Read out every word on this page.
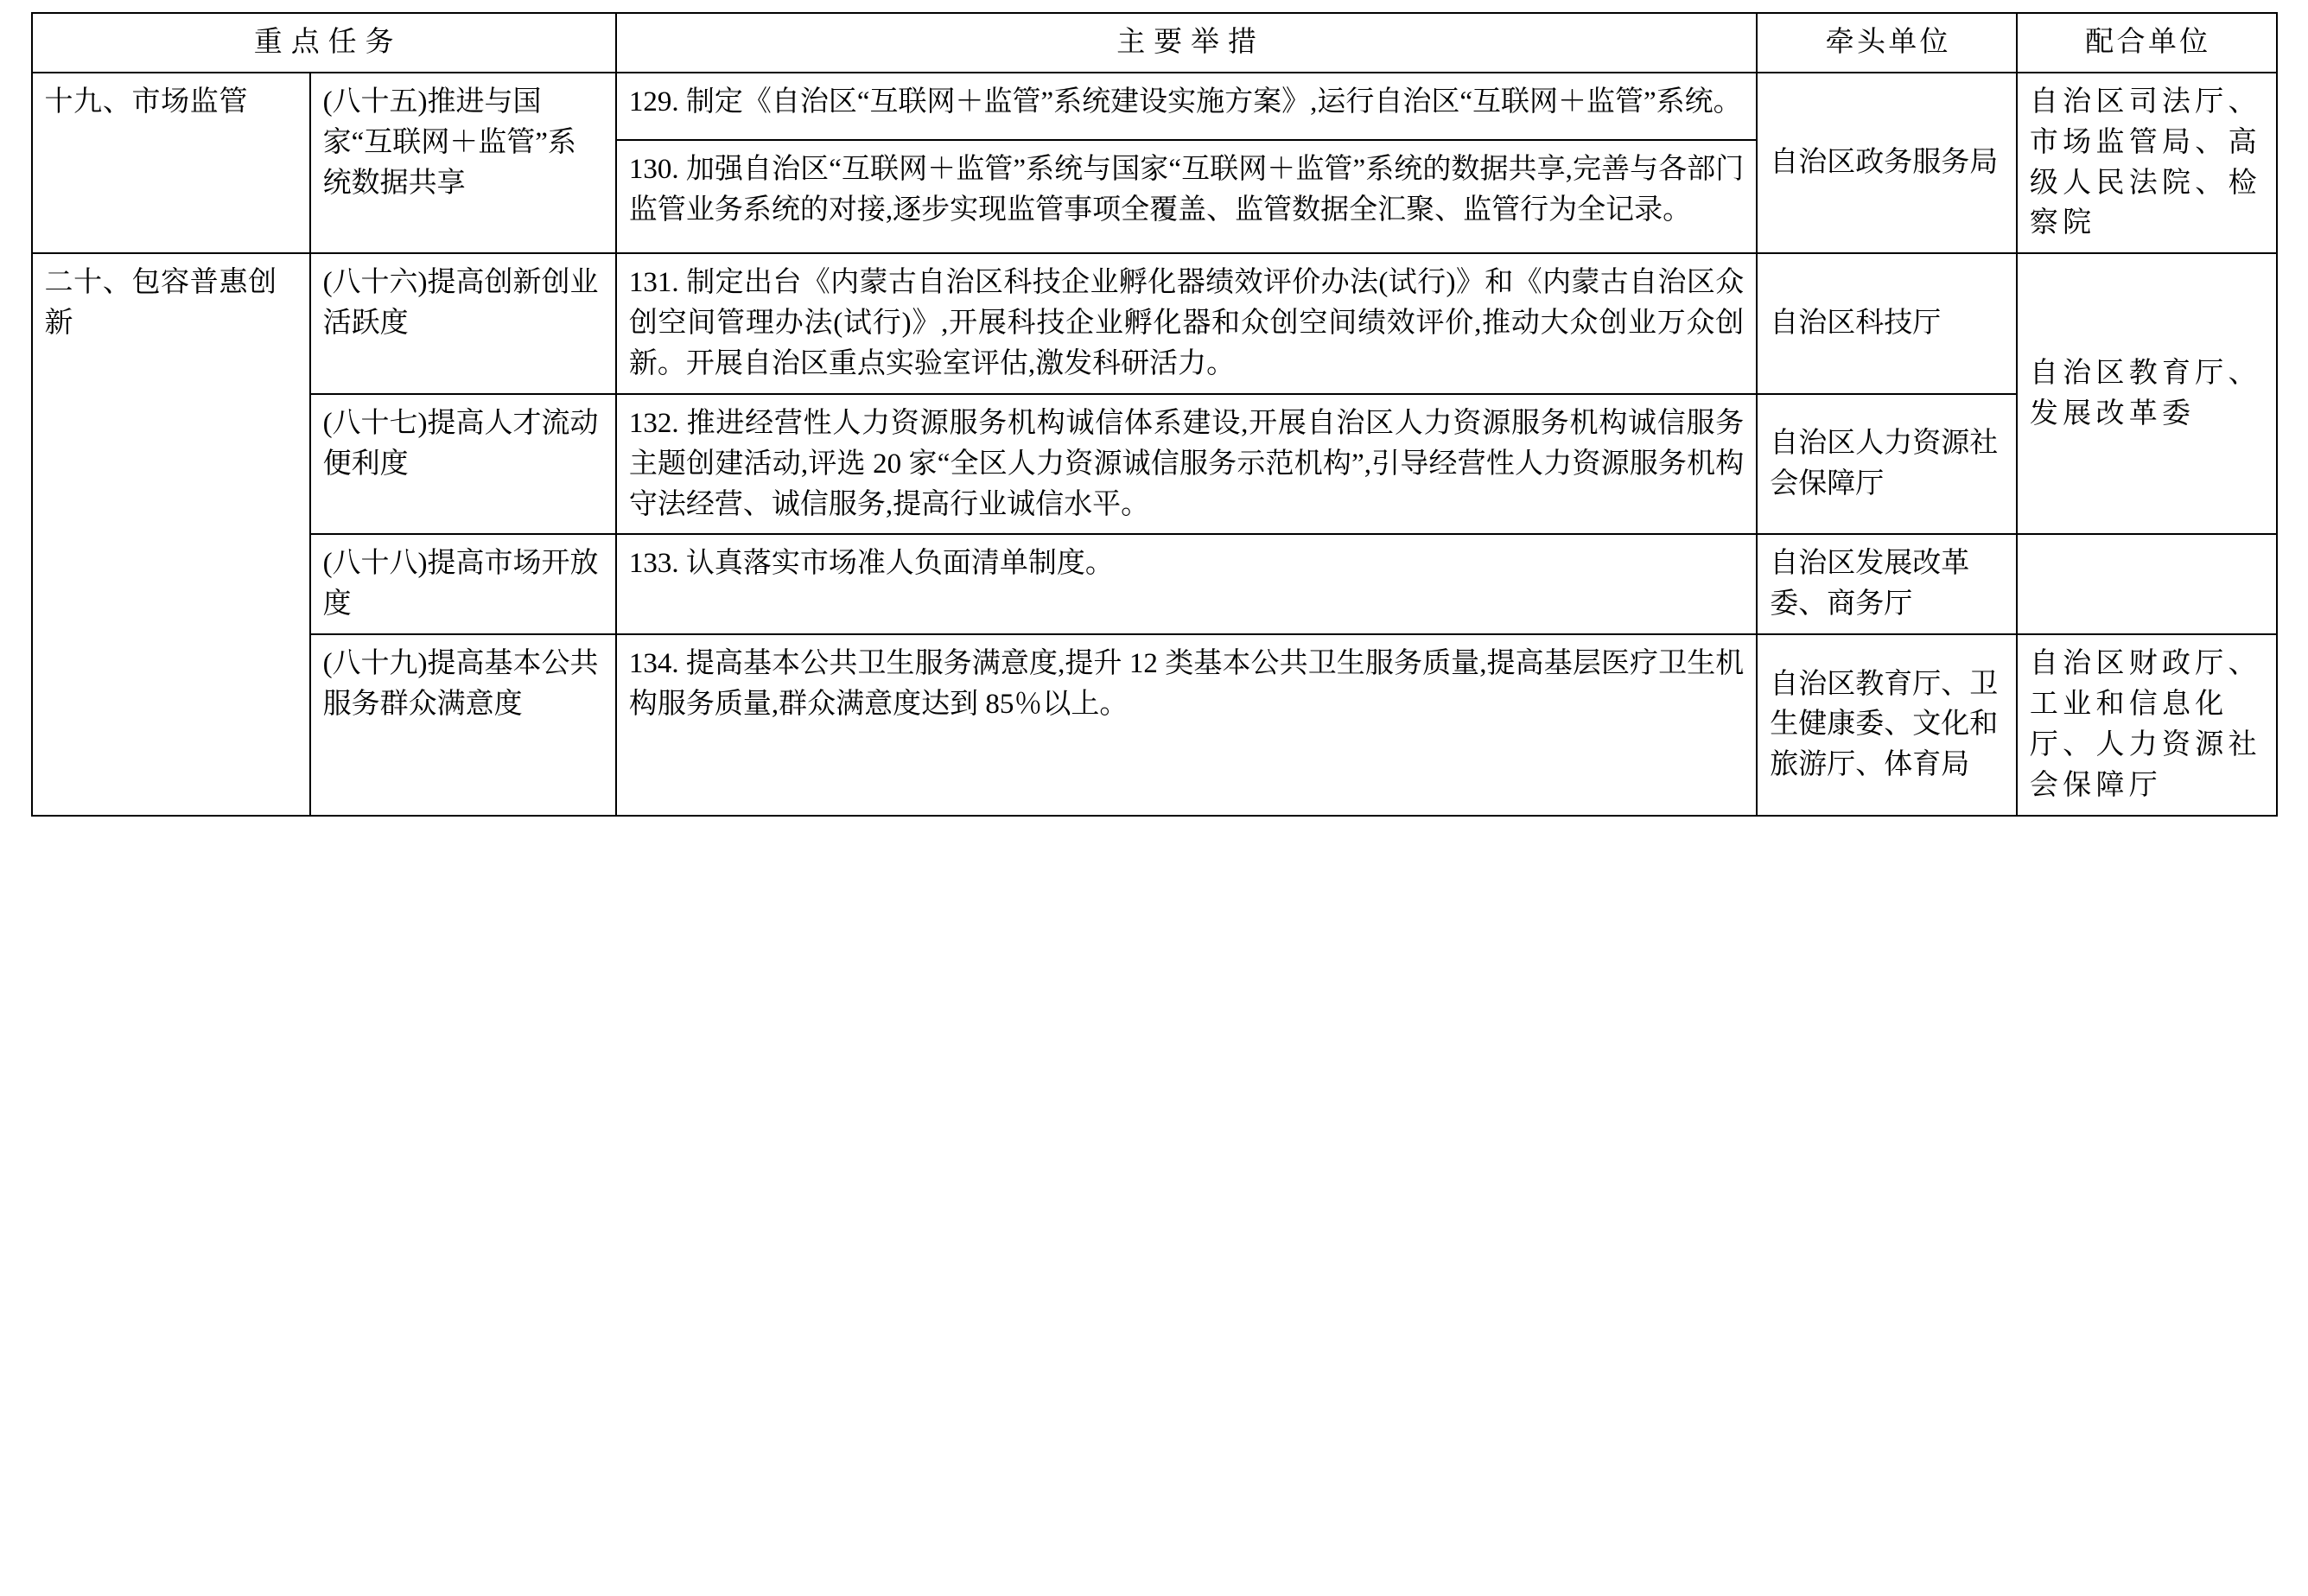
重点任务		主要举措	牵头单位	配合单位
十九、市场监管	(八十五)推进与国家“互联网＋监管”系统数据共享	129. 制定《自治区“互联网＋监管”系统建设实施方案》,运行自治区“互联网＋监管”系统。	自治区政务服务局	自治区司法厅、市场监管局、高级人民法院、检察院
		130. 加强自治区“互联网＋监管”系统与国家“互联网＋监管”系统的数据共享,完善与各部门监管业务系统的对接,逐步实现监管事项全覆盖、监管数据全汇聚、监管行为全记录。		
二十、包容普惠创新	(八十六)提高创新创业活跃度	131. 制定出台《内蒙古自治区科技企业孵化器绩效评价办法(试行)》和《内蒙古自治区众创空间管理办法(试行)》,开展科技企业孵化器和众创空间绩效评价,推动大众创业万众创新。开展自治区重点实验室评估,激发科研活力。	自治区科技厅	自治区教育厅、发展改革委
	(八十七)提高人才流动便利度	132. 推进经营性人力资源服务机构诚信体系建设,开展自治区人力资源服务机构诚信服务主题创建活动,评选 20 家“全区人力资源诚信服务示范机构”,引导经营性人力资源服务机构守法经营、诚信服务,提高行业诚信水平。	自治区人力资源社会保障厅	
	(八十八)提高市场开放度	133. 认真落实市场准人负面清单制度。	自治区发展改革委、商务厅	
	(八十九)提高基本公共服务群众满意度	134. 提高基本公共卫生服务满意度,提升 12 类基本公共卫生服务质量,提高基层医疗卫生机构服务质量,群众满意度达到 85％以上。	自治区教育厅、卫生健康委、文化和旅游厅、体育局	自治区财政厅、工业和信息化厅、人力资源社会保障厅
